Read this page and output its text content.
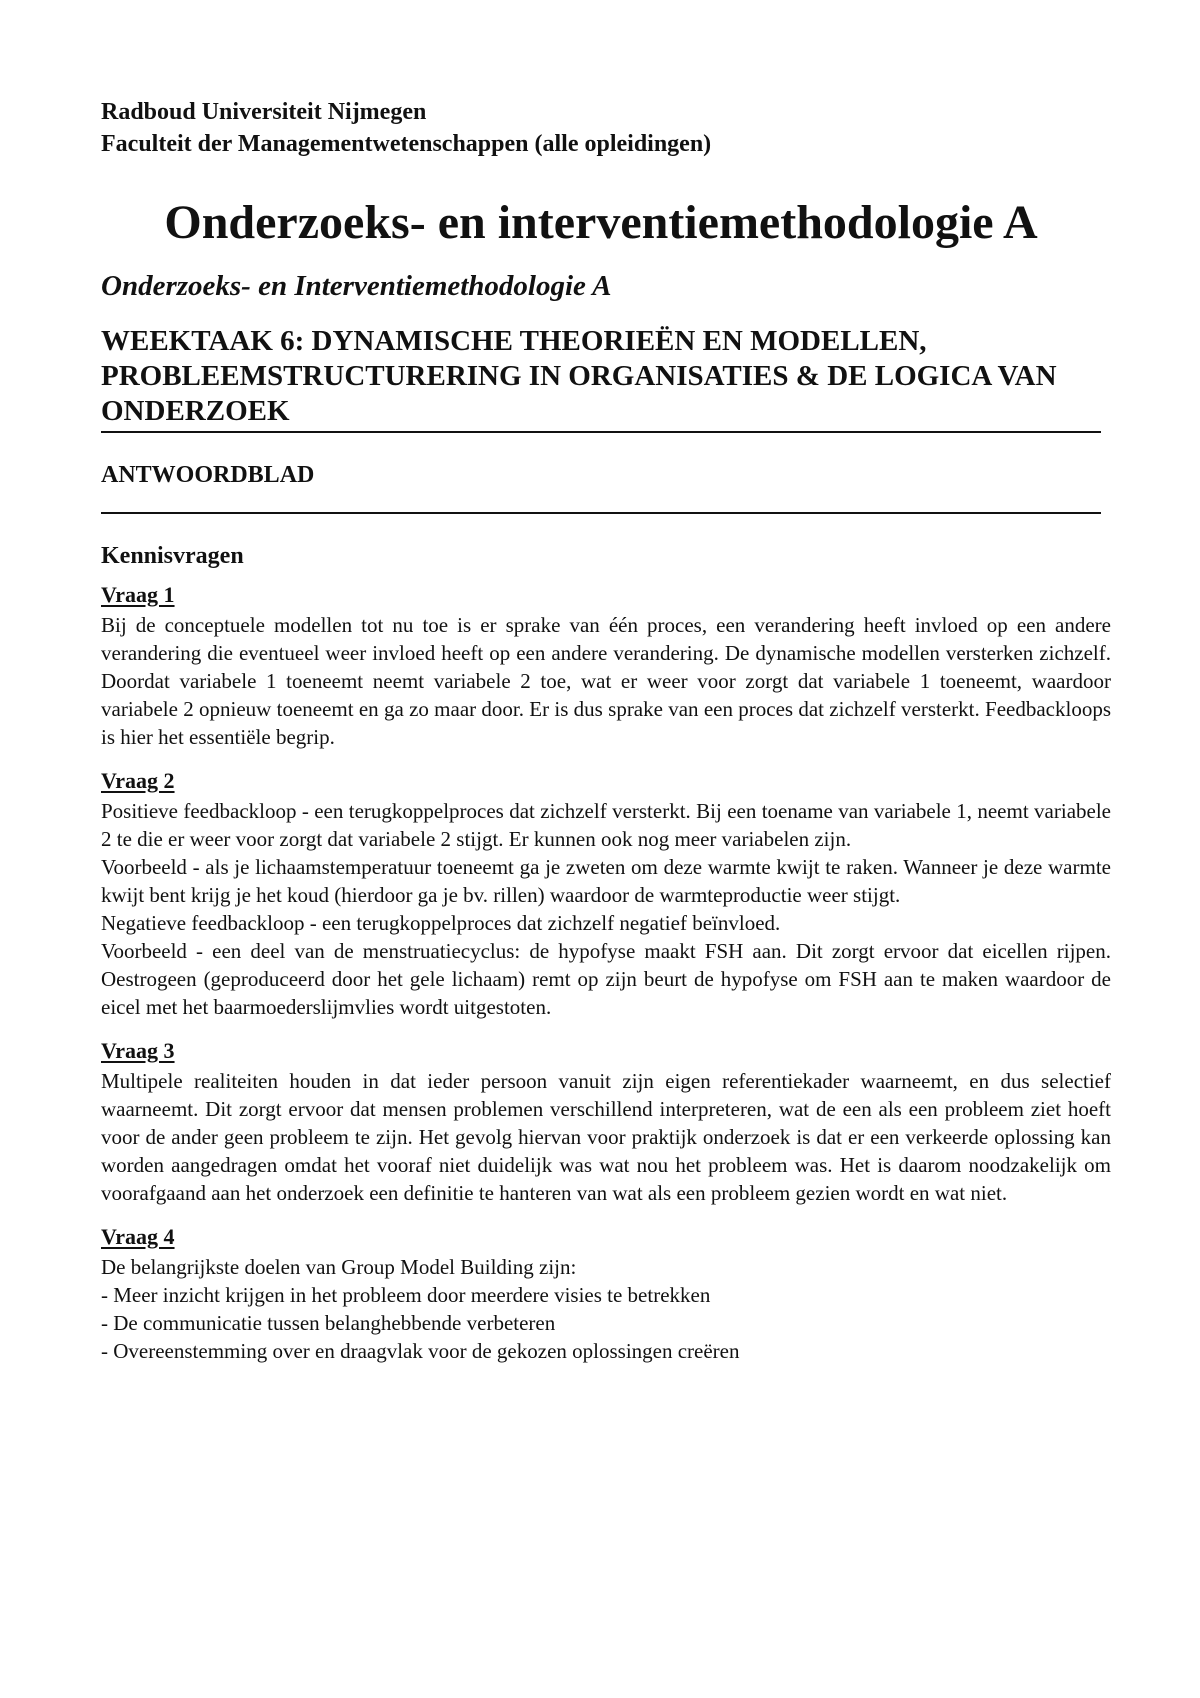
Radboud Universiteit Nijmegen
Faculteit der Managementwetenschappen (alle opleidingen)
Onderzoeks- en interventiemethodologie A
Onderzoeks- en Interventiemethodologie A
WEEKTAAK 6: DYNAMISCHE THEORIEËN EN MODELLEN, PROBLEEMSTRUCTURERING IN ORGANISATIES & DE LOGICA VAN ONDERZOEK
ANTWOORDBLAD
Kennisvragen
Vraag 1

Bij de conceptuele modellen tot nu toe is er sprake van één proces, een verandering heeft invloed op een andere verandering die eventueel weer invloed heeft op een andere verandering. De dynamische modellen versterken zichzelf. Doordat variabele 1 toeneemt neemt variabele 2 toe, wat er weer voor zorgt dat variabele 1 toeneemt, waardoor variabele 2 opnieuw toeneemt en ga zo maar door. Er is dus sprake van een proces dat zichzelf versterkt. Feedbackloops is hier het essentiële begrip.

Vraag 2

Positieve feedbackloop - een terugkoppelproces dat zichzelf versterkt. Bij een toename van variabele 1, neemt variabele 2 te die er weer voor zorgt dat variabele 2 stijgt. Er kunnen ook nog meer variabelen zijn.

Voorbeeld - als je lichaamstemperatuur toeneemt ga je zweten om deze warmte kwijt te raken. Wanneer je deze warmte kwijt bent krijg je het koud (hierdoor ga je bv. rillen) waardoor de warmteproductie weer stijgt.

Negatieve feedbackloop - een terugkoppelproces dat zichzelf negatief beïnvloed.

Voorbeeld - een deel van de menstruatiecyclus: de hypofyse maakt FSH aan. Dit zorgt ervoor dat eicellen rijpen. Oestrogeen (geproduceerd door het gele lichaam) remt op zijn beurt de hypofyse om FSH aan te maken waardoor de eicel met het baarmoederslijmvlies wordt uitgestoten.

Vraag 3

Multipele realiteiten houden in dat ieder persoon vanuit zijn eigen referentiekader waarneemt, en dus selectief waarneemt. Dit zorgt ervoor dat mensen problemen verschillend interpreteren, wat de een als een probleem ziet hoeft voor de ander geen probleem te zijn. Het gevolg hiervan voor praktijk onderzoek is dat er een verkeerde oplossing kan worden aangedragen omdat het vooraf niet duidelijk was wat nou het probleem was. Het is daarom noodzakelijk om voorafgaand aan het onderzoek een definitie te hanteren van wat als een probleem gezien wordt en wat niet.

Vraag 4

De belangrijkste doelen van Group Model Building zijn:

- Meer inzicht krijgen in het probleem door meerdere visies te betrekken

- De communicatie tussen belanghebbende verbeteren

- Overeenstemming over en draagvlak voor de gekozen oplossingen creëren
